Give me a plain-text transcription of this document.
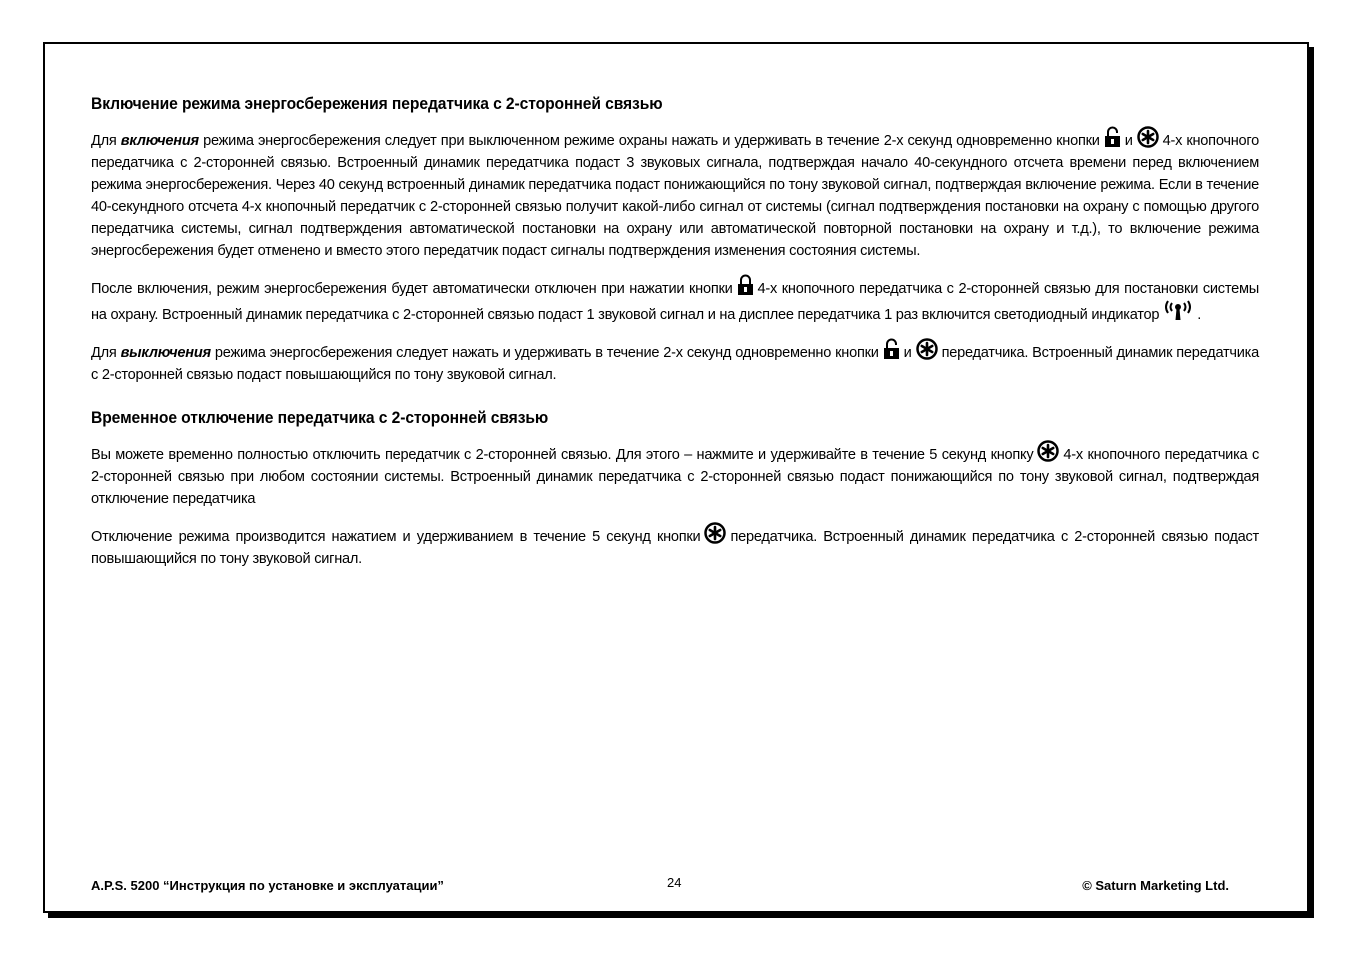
Включение режима энергосбережения передатчика с 2-сторонней связью

Для включения режима энергосбережения следует при выключенном режиме охраны нажать и удерживать в течение 2-х секунд одновременно кнопки и 4-х кнопочного передатчика с 2-сторонней связью. Встроенный динамик передатчика подаст 3 звуковых сигнала, подтверждая начало 40-секундного отсчета времени перед включением режима энергосбережения. Через 40 секунд встроенный динамик передатчика подаст понижающийся по тону звуковой сигнал, подтверждая включение режима. Если в течение 40-секундного отсчета 4-х кнопочный передатчик с 2-сторонней связью получит какой-либо сигнал от системы (сигнал подтверждения постановки на охрану с помощью другого передатчика системы, сигнал подтверждения автоматической постановки на охрану или автоматической повторной постановки на охрану и т.д.), то включение режима энергосбережения будет отменено и вместо этого передатчик подаст сигналы подтверждения изменения состояния системы.

После включения, режим энергосбережения будет автоматически отключен при нажатии кнопки 4-х кнопочного передатчика с 2-сторонней связью для постановки системы на охрану. Встроенный динамик передатчика с 2-сторонней связью подаст 1 звуковой сигнал и на дисплее передатчика 1 раз включится светодиодный индикатор	.

Для выключения режима энергосбережения следует нажать и удерживать в течение 2-х секунд одновременно кнопки и передатчика. Встроенный динамик передатчика с 2-сторонней связью подаст повышающийся по тону звуковой сигнал.

Временное отключение передатчика с 2-сторонней связью

Вы можете временно полностью отключить передатчик с 2-сторонней связью. Для этого – нажмите и удерживайте в течение 5 секунд кнопку 4-х кнопочного передатчика с 2-сторонней связью при любом состоянии системы. Встроенный динамик передатчика с 2-сторонней связью подаст понижающийся по тону звуковой сигнал, подтверждая отключение передатчика

Отключение режима производится нажатием и удерживанием в течение 5 секунд кнопки передатчика. Встроенный динамик передатчика с 2-сторонней связью подаст повышающийся по тону звуковой сигнал.

A.P.S. 5200 “Инструкция по установке и эксплуатации”	24	© Saturn Marketing Ltd.
